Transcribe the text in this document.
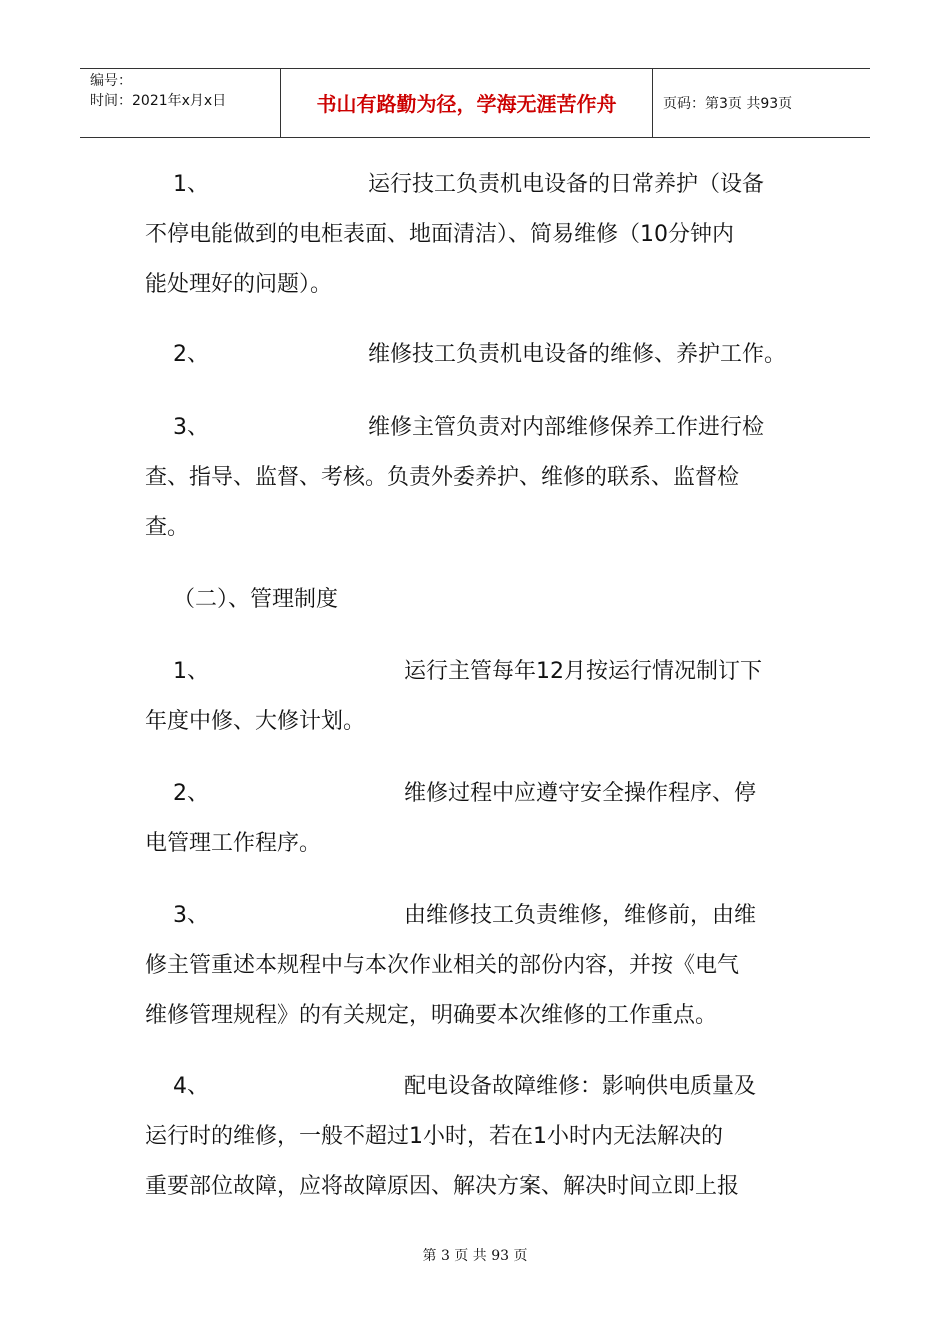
编号：
时间：2021年x月x日	书山有路勤为径，学海无涯苦作舟	页码：第3页 共93页
1、	运行技工负责机电设备的日常养护（设备
不停电能做到的电柜表面、地面清洁）、简易维修（10分钟内
能处理好的问题）。
2、	维修技工负责机电设备的维修、养护工作。
3、	维修主管负责对内部维修保养工作进行检
查、指导、监督、考核。负责外委养护、维修的联系、监督检
查。
（二）、管理制度
1、	运行主管每年12月按运行情况制订下
年度中修、大修计划。
2、	维修过程中应遵守安全操作程序、停
电管理工作程序。
3、	由维修技工负责维修，维修前，由维
修主管重述本规程中与本次作业相关的部份内容，并按《电气
维修管理规程》的有关规定，明确要本次维修的工作重点。
4、	配电设备故障维修：影响供电质量及
运行时的维修，一般不超过1小时，若在1小时内无法解决的
重要部位故障，应将故障原因、解决方案、解决时间立即上报
第 3 页 共 93 页
